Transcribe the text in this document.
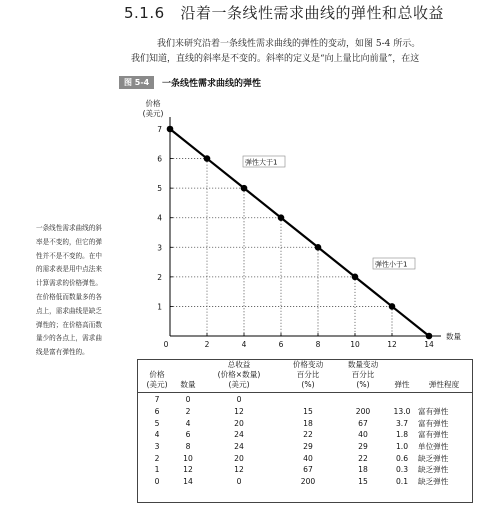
5.1.6 沿着一条线性需求曲线的弹性和总收益
我们来研究沿着一条线性需求曲线的弹性的变动，如图 5-4 所示。
我们知道，直线的斜率是不变的。斜率的定义是“向上量比向前量”，在这
图 5-4	一条线性需求曲线的弹性
一条线性需求曲线的斜
率是不变的，但它的弹
性并不是不变的。在中
的需求表是用中点法来
计算需求的价格弹性。
在价格低而数量多的各
点上，需求曲线是缺乏
弹性的；在价格高而数
量少的各点上，需求曲
线是富有弹性的。
0	2	4	6	8	10	12	14
1
2
3
4
5
6
7
价格(美元)
数量
弹性大于1
弹性小于1
价格
(美元)	数量	总收益
(价格×数量)
(美元)	价格变动
百分比
(%)	数量变动
百分比
(%)	弹性	弹性程度
7	0	0				
6	2	12	15	200	13.0	富有弹性
5	4	20	18	67	3.7	富有弹性
4	6	24	22	40	1.8	富有弹性
3	8	24	29	29	1.0	单位弹性
2	10	20	40	22	0.6	缺乏弹性
1	12	12	67	18	0.3	缺乏弹性
0	14	0	200	15	0.1	缺乏弹性
